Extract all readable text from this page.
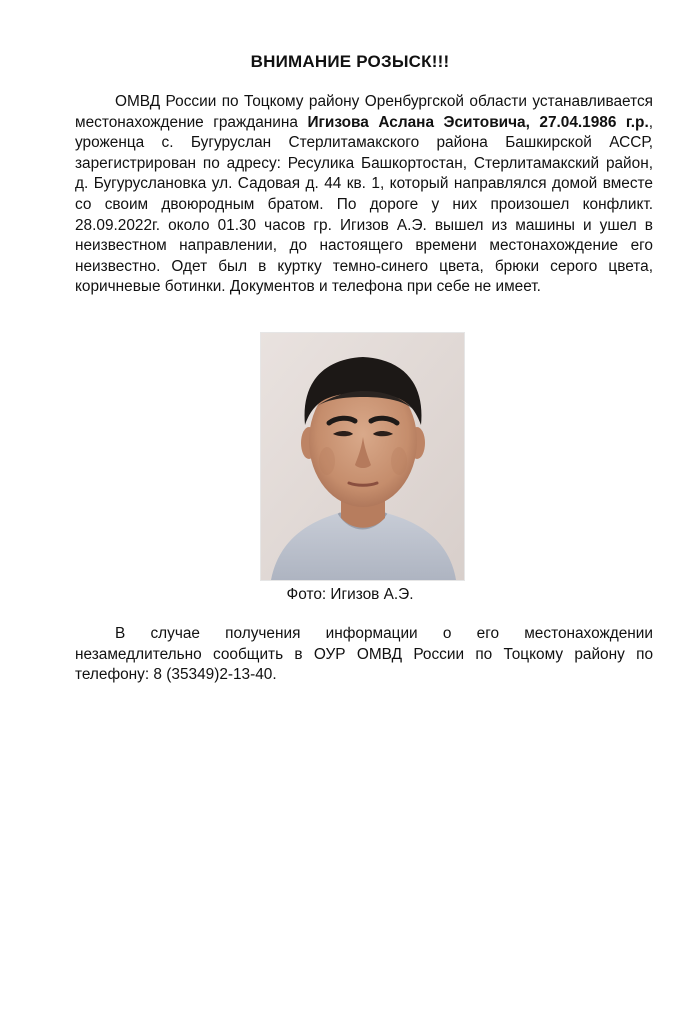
ВНИМАНИЕ РОЗЫСК!!!

ОМВД России по Тоцкому району Оренбургской области устанавливается местонахождение гражданина Игизова Аслана Эситовича, 27.04.1986 г.р., уроженца с. Бугуруслан Стерлитамакского района Башкирской АССР, зарегистрирован по адресу: Ресулика Башкортостан, Стерлитамакский район, д. Бугуруслановка ул. Садовая д. 44 кв. 1, который направлялся домой вместе со своим двоюродным братом. По дороге у них произошел конфликт. 28.09.2022г. около 01.30 часов гр. Игизов А.Э. вышел из машины и ушел в неизвестном направлении, до настоящего времени местонахождение его неизвестно. Одет был в куртку темно-синего цвета, брюки серого цвета, коричневые ботинки. Документов и телефона при себе не имеет.

Фото: Игизов А.Э.

В случае получения информации о его местонахождении незамедлительно сообщить в ОУР ОМВД России по Тоцкому району по телефону: 8 (35349)2-13-40.
